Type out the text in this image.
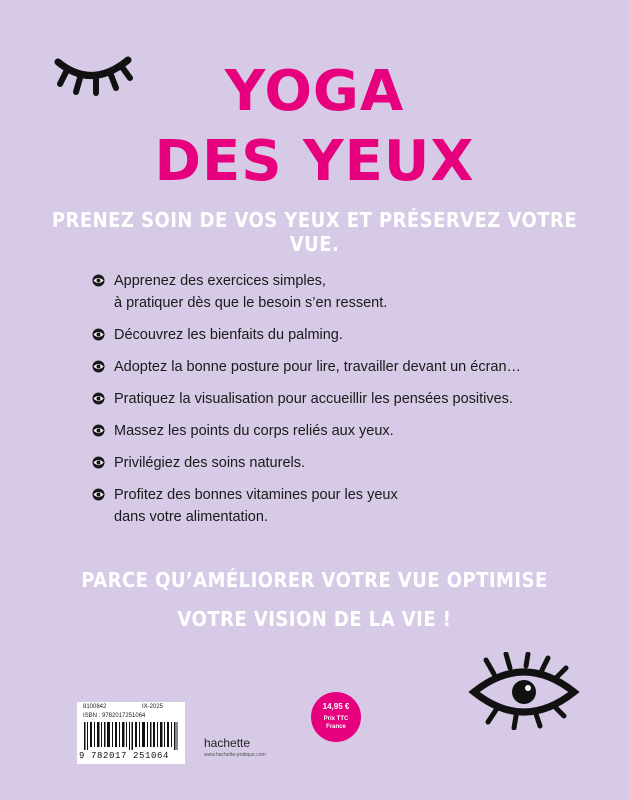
YOGA
DES YEUX
PRENEZ SOIN DE VOS YEUX ET PRÉSERVEZ VOTRE VUE.
Apprenez des exercices simples,
à pratiquer dès que le besoin s’en ressent.
Découvrez les bienfaits du palming.
Adoptez la bonne posture pour lire, travailler devant un écran…
Pratiquez la visualisation pour accueillir les pensées positives.
Massez les points du corps reliés aux yeux.
Privilégiez des soins naturels.
Profitez des bonnes vitamines pour les yeux
dans votre alimentation.
PARCE QU’AMÉLIORER VOTRE VUE OPTIMISE
VOTRE VISION DE LA VIE !
8100842	IX-2025
ISBN : 9782017251064
9 782017 251064
hachette
www.hachette-pratique.com
14,95 €
Prix TTC
France
